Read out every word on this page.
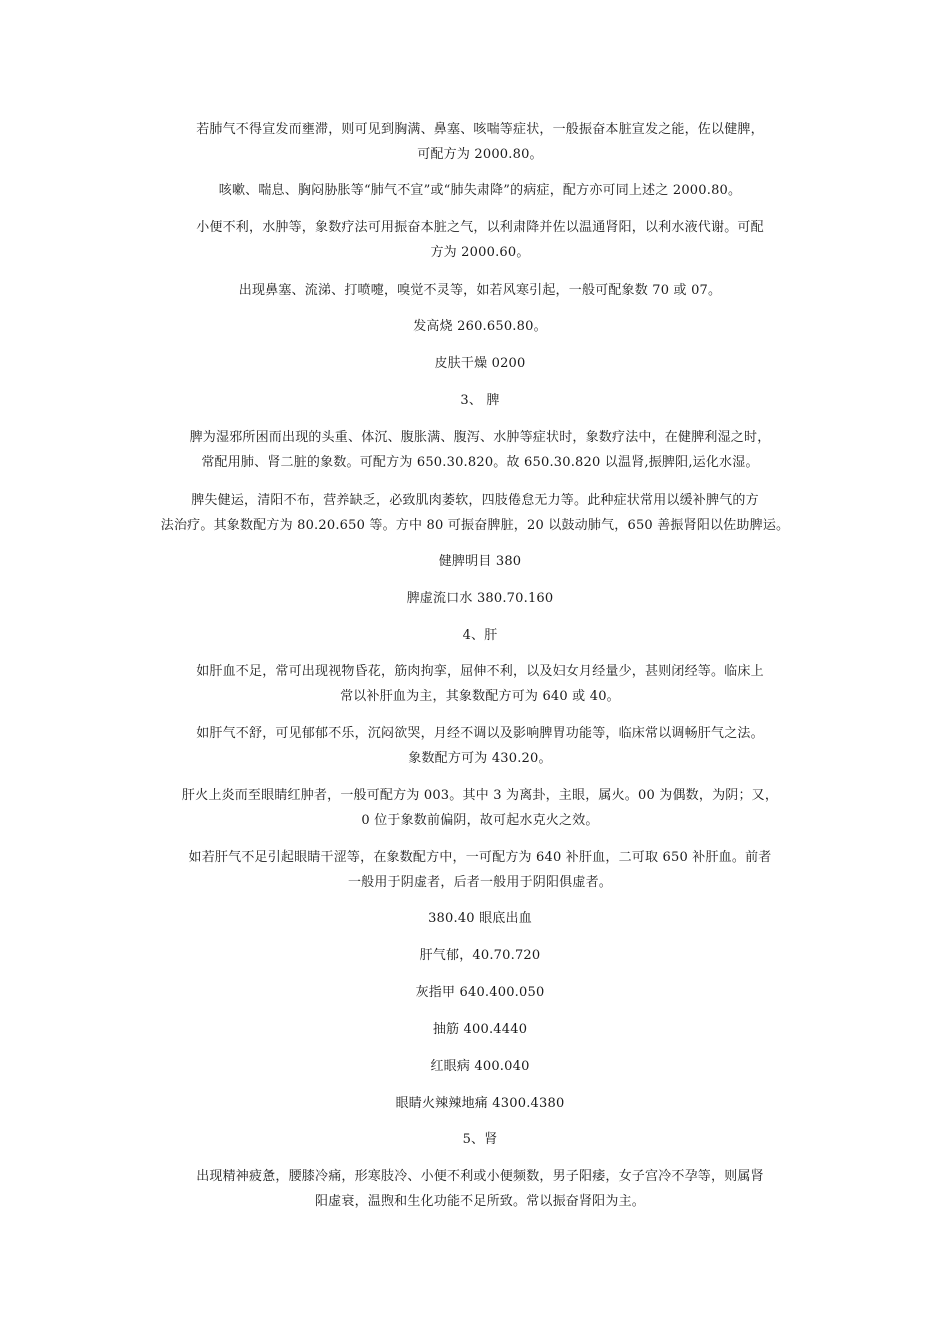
若肺气不得宣发而壅滞，则可见到胸满、鼻塞、咳喘等症状，一般振奋本脏宣发之能，佐以健脾，
可配方为 2000.80。
咳嗽、喘息、胸闷胁胀等“肺气不宣”或“肺失肃降”的病症，配方亦可同上述之 2000.80。
小便不利，水肿等，象数疗法可用振奋本脏之气，以利肃降并佐以温通肾阳，以利水液代谢。可配
方为 2000.60。
出现鼻塞、流涕、打喷嚏，嗅觉不灵等，如若风寒引起，一般可配象数 70 或 07。
发高烧 260.650.80。
皮肤干燥 0200
3、 脾
脾为湿邪所困而出现的头重、体沉、腹胀满、腹泻、水肿等症状时，象数疗法中，在健脾利湿之时，
常配用肺、肾二脏的象数。可配方为 650.30.820。故 650.30.820 以温肾,振脾阳,运化水湿。
脾失健运，清阳不布，营养缺乏，必致肌肉萎软，四肢倦怠无力等。此种症状常用以缓补脾气的方
法治疗。其象数配方为 80.20.650 等。方中 80 可振奋脾脏，20 以鼓动肺气，650 善振肾阳以佐助脾运。
健脾明目 380
脾虚流口水 380.70.160
4、肝
如肝血不足，常可出现视物昏花，筋肉拘挛，屈伸不利，以及妇女月经量少，甚则闭经等。临床上
常以补肝血为主，其象数配方可为 640 或 40。
如肝气不舒，可见郁郁不乐，沉闷欲哭，月经不调以及影响脾胃功能等，临床常以调畅肝气之法。
象数配方可为 430.20。
肝火上炎而至眼睛红肿者，一般可配方为 003。其中 3 为离卦，主眼，属火。00 为偶数，为阴；又，
0 位于象数前偏阴，故可起水克火之效。
如若肝气不足引起眼睛干涩等，在象数配方中，一可配方为 640 补肝血，二可取 650 补肝血。前者
一般用于阴虚者，后者一般用于阴阳俱虚者。
380.40 眼底出血
肝气郁，40.70.720
灰指甲 640.400.050
抽筋 400.4440
红眼病 400.040
眼睛火辣辣地痛 4300.4380
5、肾
出现精神疲惫，腰膝冷痛，形寒肢冷、小便不利或小便频数，男子阳痿，女子宫冷不孕等，则属肾
阳虚衰，温煦和生化功能不足所致。常以振奋肾阳为主。
